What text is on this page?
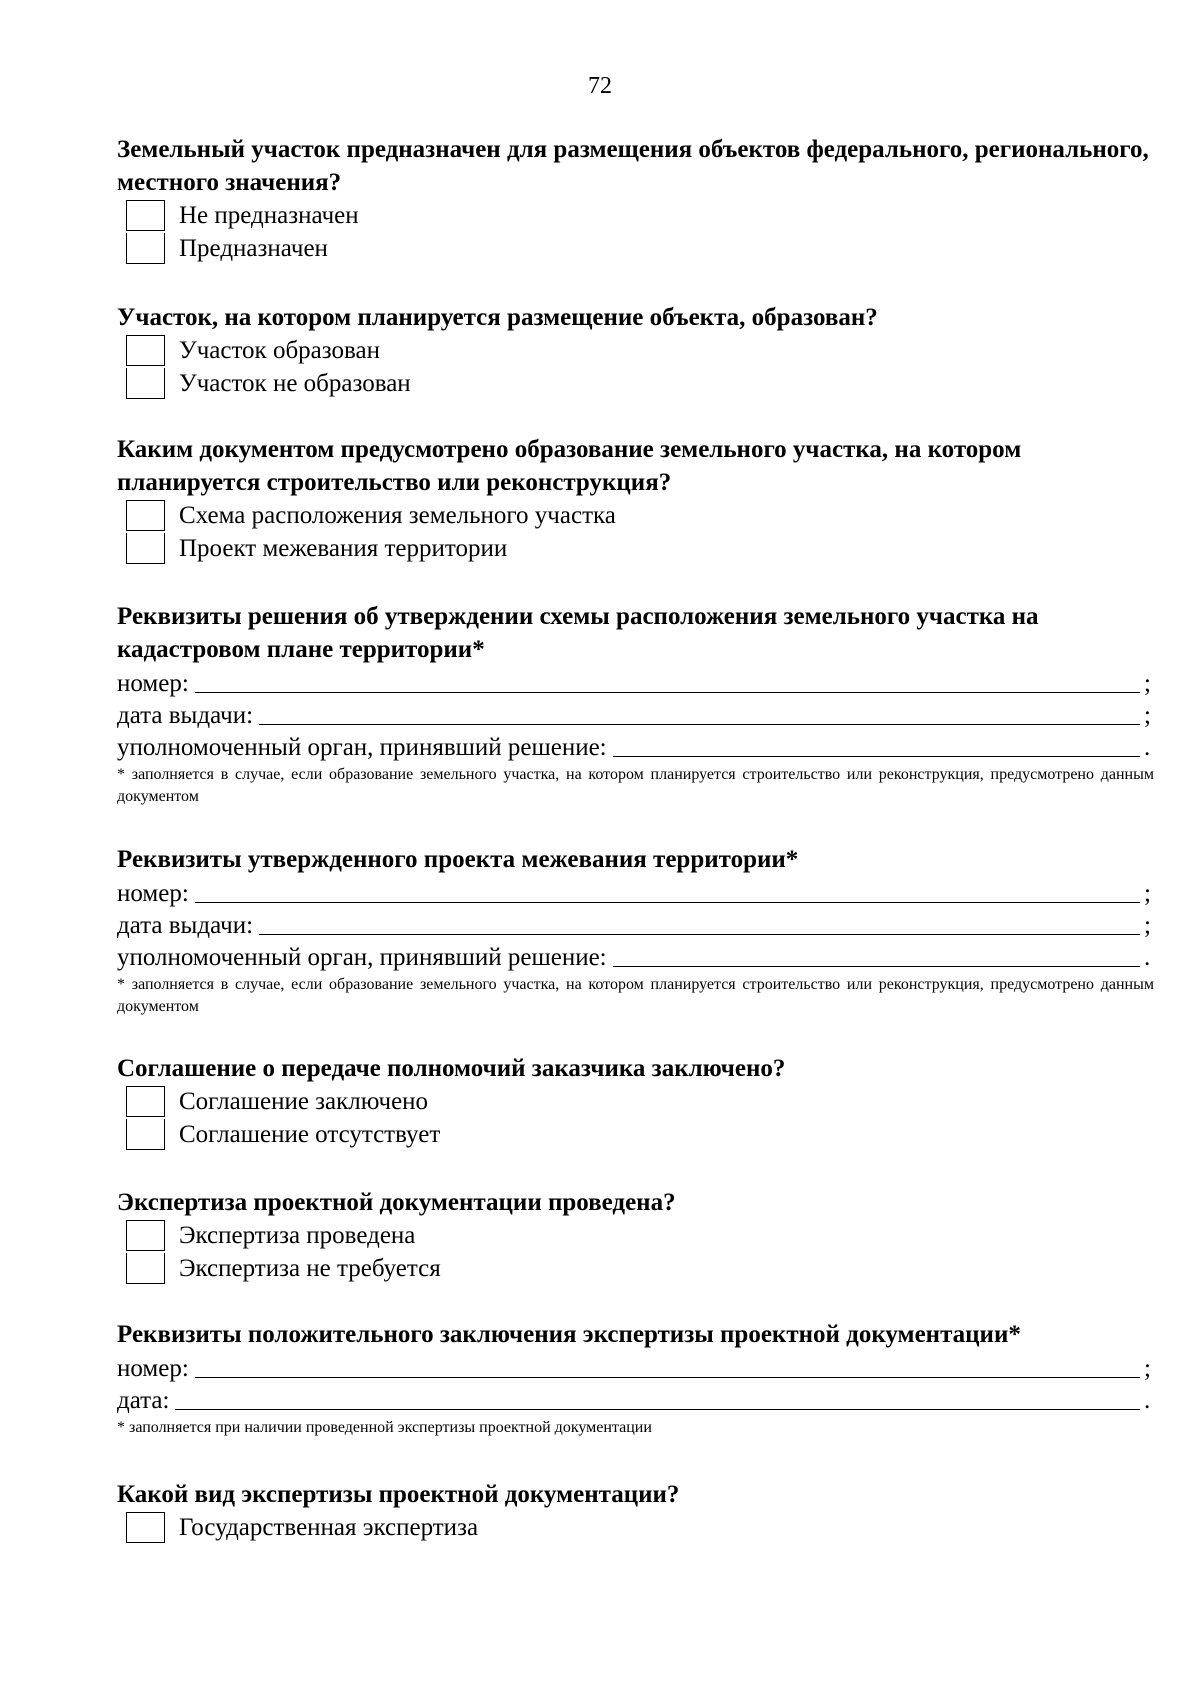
72

Земельный участок предназначен для размещения объектов федерального, регионального, местного значения?

Не предназначен
Предназначен

Участок, на котором планируется размещение объекта, образован?

Участок образован
Участок не образован

Каким документом предусмотрено образование земельного участка, на котором планируется строительство или реконструкция?

Схема расположения земельного участка
Проект межевания территории

Реквизиты решения об утверждении схемы расположения земельного участка на кадастровом плане территории*

номер:	;
дата выдачи:	;
уполномоченный орган, принявший решение:	.

* заполняется в случае, если образование земельного участка, на котором планируется строительство или реконструкция, предусмотрено данным документом

Реквизиты утвержденного проекта межевания территории*

номер:	;
дата выдачи:	;
уполномоченный орган, принявший решение:	.

* заполняется в случае, если образование земельного участка, на котором планируется строительство или реконструкция, предусмотрено данным документом

Соглашение о передаче полномочий заказчика заключено?

Соглашение заключено
Соглашение отсутствует

Экспертиза проектной документации проведена?

Экспертиза проведена
Экспертиза не требуется

Реквизиты положительного заключения экспертизы проектной документации*

номер:	;
дата:	.

* заполняется при наличии проведенной экспертизы проектной документации

Какой вид экспертизы проектной документации?

Государственная экспертиза
